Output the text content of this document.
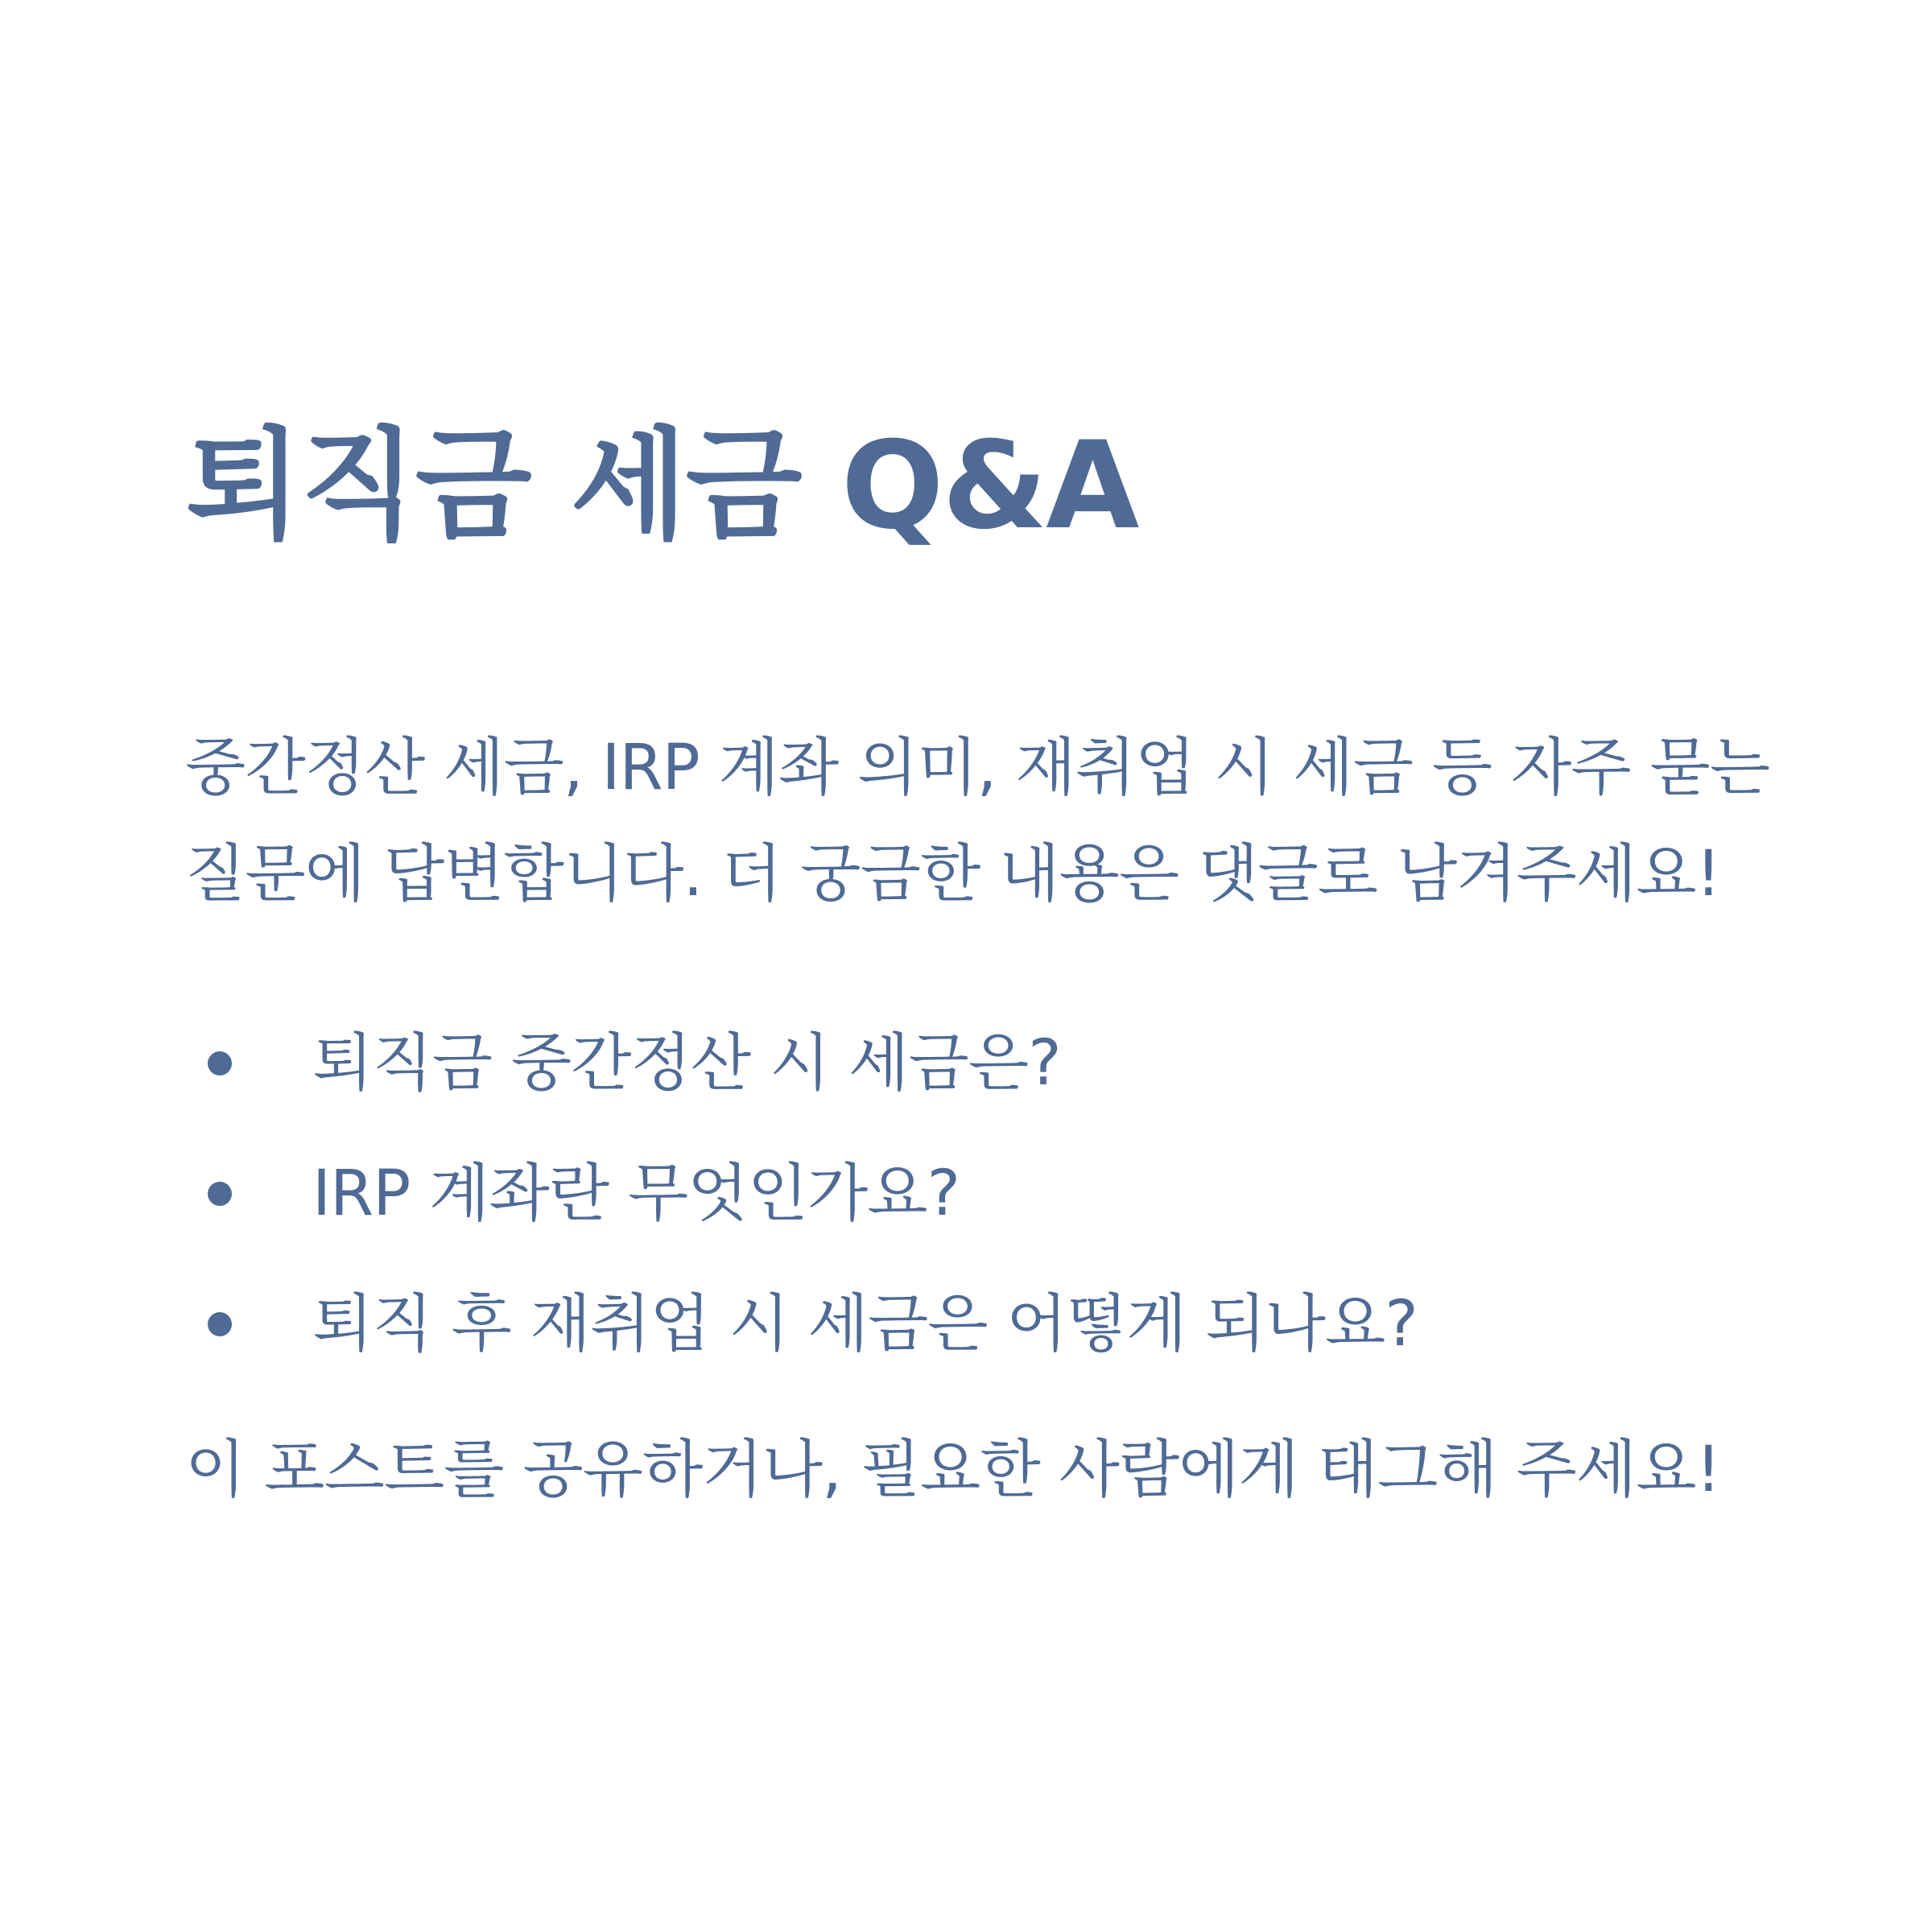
퇴직금 세금 Q&A

중간정산 세금, IRP 계좌 의미, 재취업 시 세금 등 자주 묻는
질문에 답변합니다. 더 궁금한 내용은 댓글로 남겨주세요!

퇴직금 중간정산 시 세금은?
IRP 계좌란 무엇인가요?
퇴직 후 재취업 시 세금은 어떻게 되나요?

이 포스트를 공유하거나, 필요한 사람에게 태그해 주세요!
